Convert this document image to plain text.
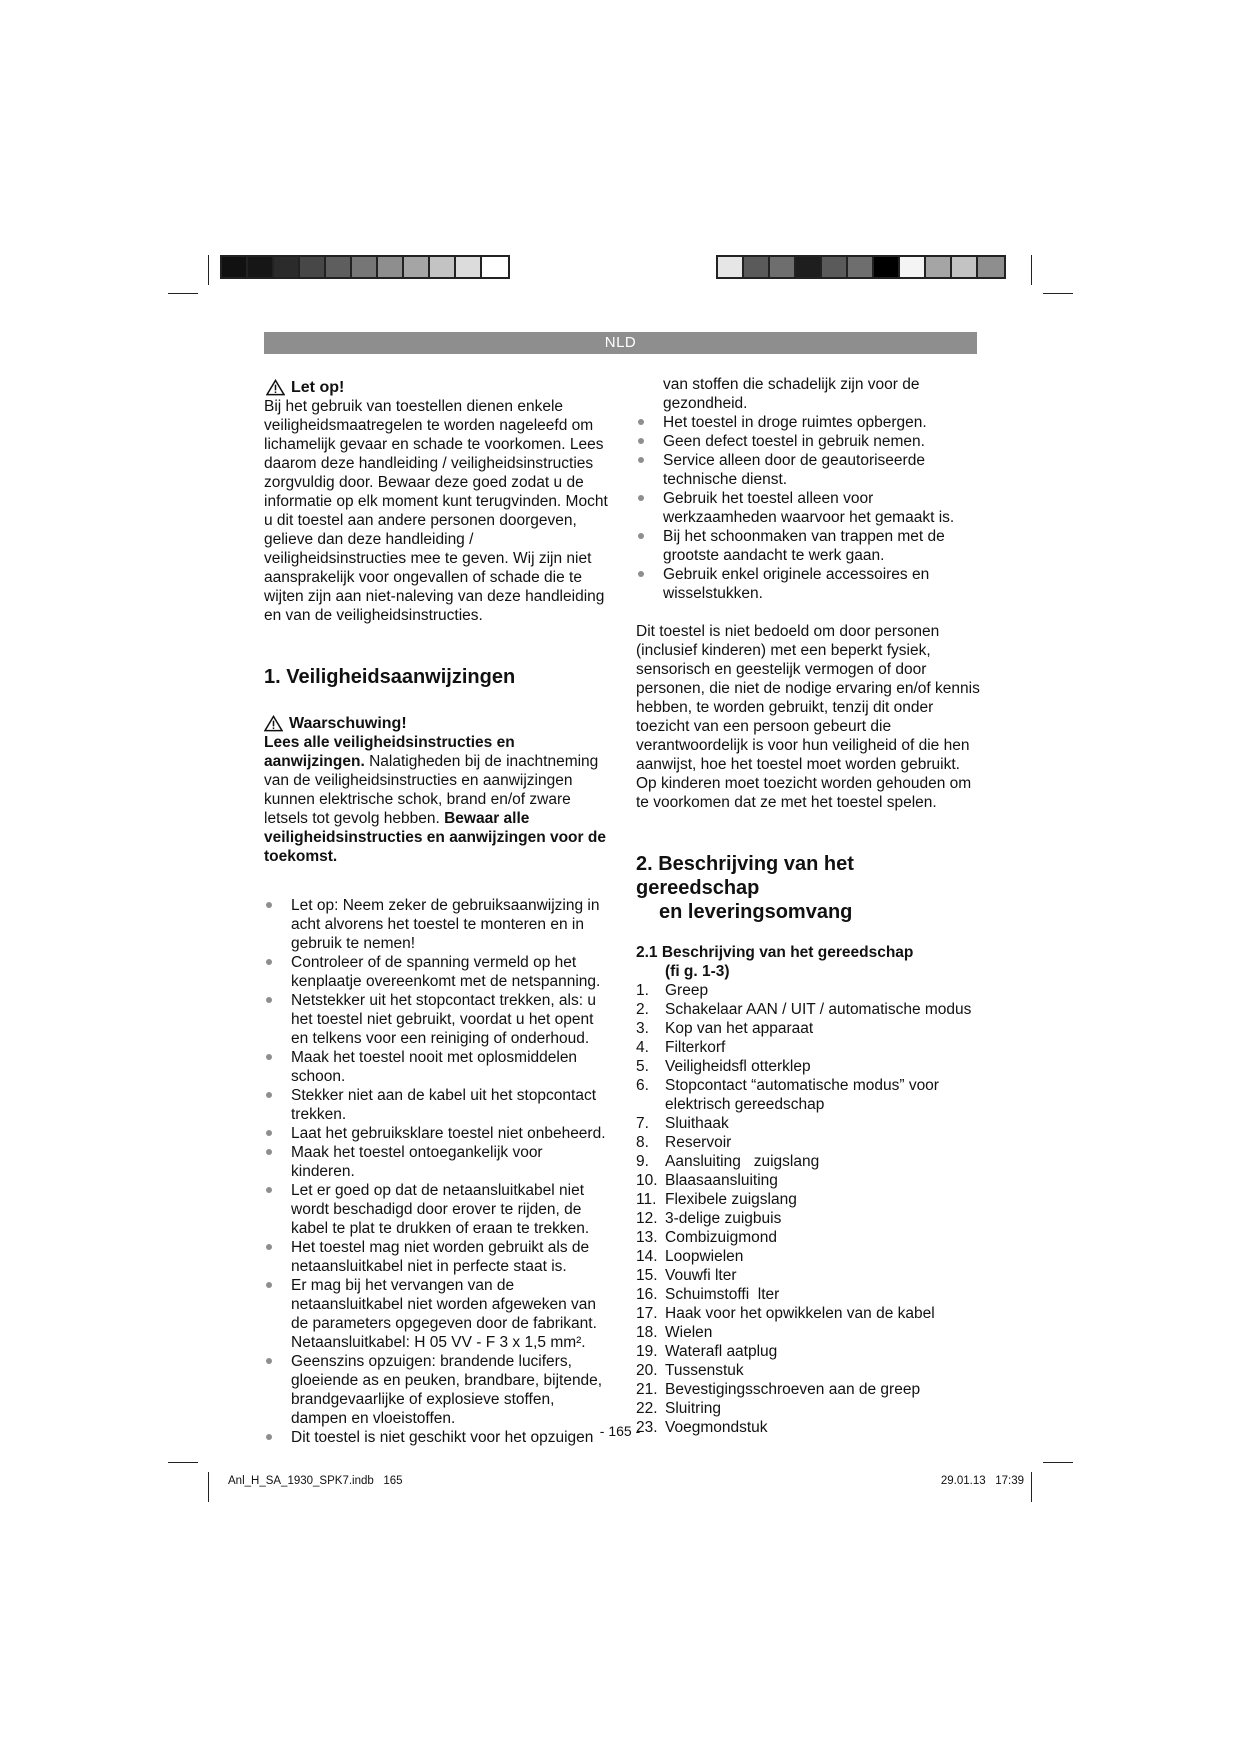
NLD
Let op!

Bij het gebruik van toestellen dienen enkele veiligheidsmaatregelen te worden nageleefd om lichamelijk gevaar en schade te voorkomen. Lees daarom deze handleiding / veiligheidsinstructies zorgvuldig door. Bewaar deze goed zodat u de informatie op elk moment kunt terugvinden. Mocht u dit toestel aan andere personen doorgeven, gelieve dan deze handleiding / veiligheidsinstructies mee te geven. Wij zijn niet aansprakelijk voor ongevallen of schade die te wijten zijn aan niet-naleving van deze handleiding en van de veiligheidsinstructies.

1. Veiligheidsaanwijzingen
Waarschuwing!

Lees alle veiligheidsinstructies en aanwijzingen. Nalatigheden bij de inachtneming van de veiligheidsinstructies en aanwijzingen kunnen elektrische schok, brand en/of zware letsels tot gevolg hebben. Bewaar alle veiligheidsinstructies en aanwijzingen voor de toekomst.

Let op: Neem zeker de gebruiksaanwijzing in acht alvorens het toestel te monteren en in gebruik te nemen!
Controleer of de spanning vermeld op het kenplaatje overeenkomt met de netspanning.
Netstekker uit het stopcontact trekken, als: u het toestel niet gebruikt, voordat u het opent en telkens voor een reiniging of onderhoud.
Maak het toestel nooit met oplosmiddelen schoon.
Stekker niet aan de kabel uit het stopcontact trekken.
Laat het gebruiksklare toestel niet onbeheerd.
Maak het toestel ontoegankelijk voor kinderen.
Let er goed op dat de netaansluitkabel niet wordt beschadigd door erover te rijden, de kabel te plat te drukken of eraan te trekken.
Het toestel mag niet worden gebruikt als de netaansluitkabel niet in perfecte staat is.
Er mag bij het vervangen van de netaansluitkabel niet worden afgeweken van de parameters opgegeven door de fabrikant. Netaansluitkabel: H 05 VV - F 3 x 1,5 mm².
Geenszins opzuigen: brandende lucifers, gloeiende as en peuken, brandbare, bijtende, brandgevaarlijke of explosieve stoffen, dampen en vloeistoffen.
Dit toestel is niet geschikt voor het opzuigen

van stoffen die schadelijk zijn voor de gezondheid.

Het toestel in droge ruimtes opbergen.
Geen defect toestel in gebruik nemen.
Service alleen door de geautoriseerde technische dienst.
Gebruik het toestel alleen voor werkzaamheden waarvoor het gemaakt is.
Bij het schoonmaken van trappen met de grootste aandacht te werk gaan.
Gebruik enkel originele accessoires en wisselstukken.

Dit toestel is niet bedoeld om door personen (inclusief kinderen) met een beperkt fysiek, sensorisch en geestelijk vermogen of door personen, die niet de nodige ervaring en/of kennis hebben, te worden gebruikt, tenzij dit onder toezicht van een persoon gebeurt die verantwoordelijk is voor hun veiligheid of die hen aanwijst, hoe het toestel moet worden gebruikt. Op kinderen moet toezicht worden gehouden om te voorkomen dat ze met het toestel spelen.

2. Beschrijving van het gereedschap
en leveringsomvang
2.1 Beschrijving van het gereedschap
(fi g. 1-3)
1.	Greep
2.	Schakelaar AAN / UIT / automatische modus
3.	Kop van het apparaat
4.	Filterkorf
5.	Veiligheidsfl otterklep
6.	Stopcontact “automatische modus” voor elektrisch gereedschap
7.	Sluithaak
8.	Reservoir
9.	Aansluiting   zuigslang
10. Blaasaansluiting
11. Flexibele zuigslang
12. 3-delige zuigbuis
13. Combizuigmond
14. Loopwielen
15. Vouwfi lter
16. Schuimstoffi  lter
17. Haak voor het opwikkelen van de kabel
18. Wielen
19. Waterafl aatplug
20. Tussenstuk
21. Bevestigingsschroeven aan de greep
22. Sluitring
23. Voegmondstuk
- 165 -
Anl_H_SA_1930_SPK7.indb   165	29.01.13   17:39
